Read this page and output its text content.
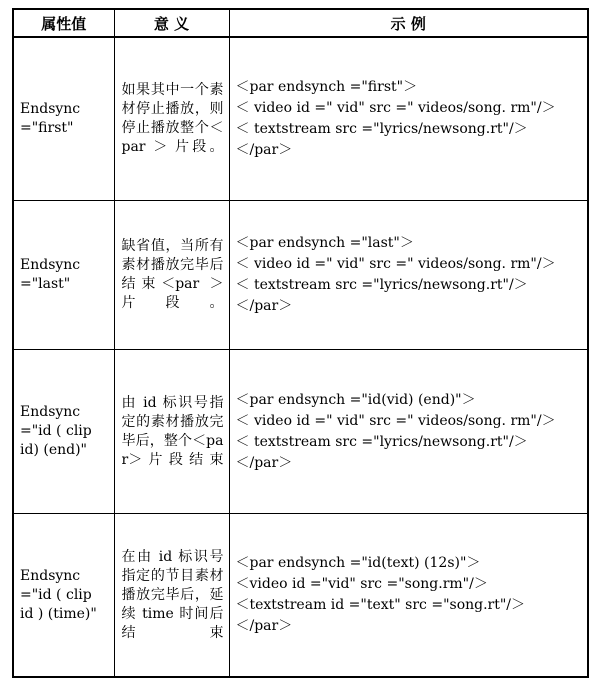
属性值	意 义	示 例
Endsync ="first"	如果其中一个素材停止播放，则停止播放整个＜par ＞ 片段。	＜par endsynch ="first"＞
＜ video id =" vid" src =" videos/song. rm"/＞
＜ textstream src ="lyrics/newsong.rt"/＞
＜/par＞

Endsync ="last"	缺省值，当所有素材播放完毕后结束＜par ＞ 片段。	＜par endsynch ="last"＞
＜ video id =" vid" src =" videos/song. rm"/＞
＜ textstream src ="lyrics/newsong.rt"/＞
＜/par＞

Endsync ="id ( clip id) (end)"	由 id 标识号指定的素材播放完毕后，整个＜par＞片段结束	＜par endsynch ="id(vid) (end)"＞
＜ video id =" vid" src =" videos/song. rm"/＞
＜ textstream src ="lyrics/newsong.rt"/＞
＜/par＞

Endsync ="id ( clip id ) (time)"	在由 id 标识号指定的节目素材播放完毕后，延续 time 时间后结束	＜par endsynch ="id(text) (12s)"＞
＜video id ="vid" src ="song.rm"/＞
＜textstream id ="text" src ="song.rt"/＞
＜/par＞
